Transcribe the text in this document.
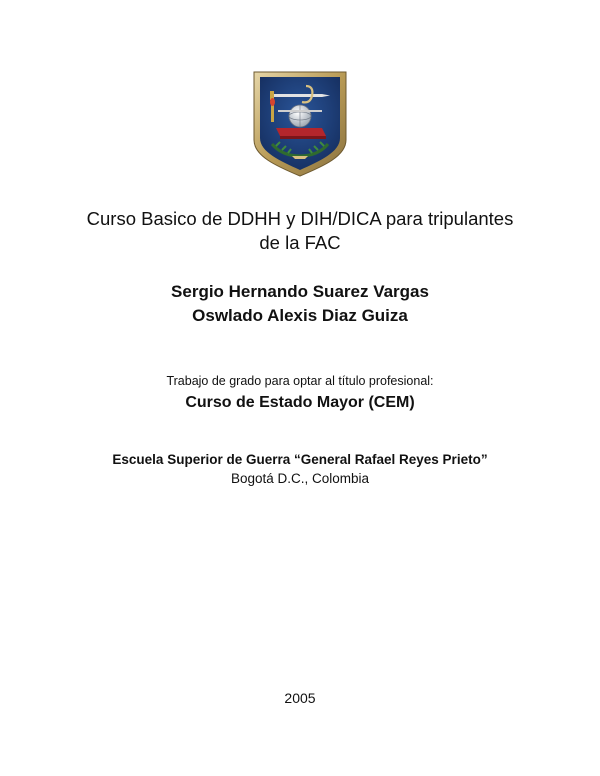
Curso Basico de DDHH y DIH/DICA para tripulantes
de la FAC
Sergio Hernando Suarez Vargas
Oswlado Alexis Diaz Guiza
Trabajo de grado para optar al título profesional:
Curso de Estado Mayor (CEM)
Escuela Superior de Guerra “General Rafael Reyes Prieto”
Bogotá D.C., Colombia
2005
